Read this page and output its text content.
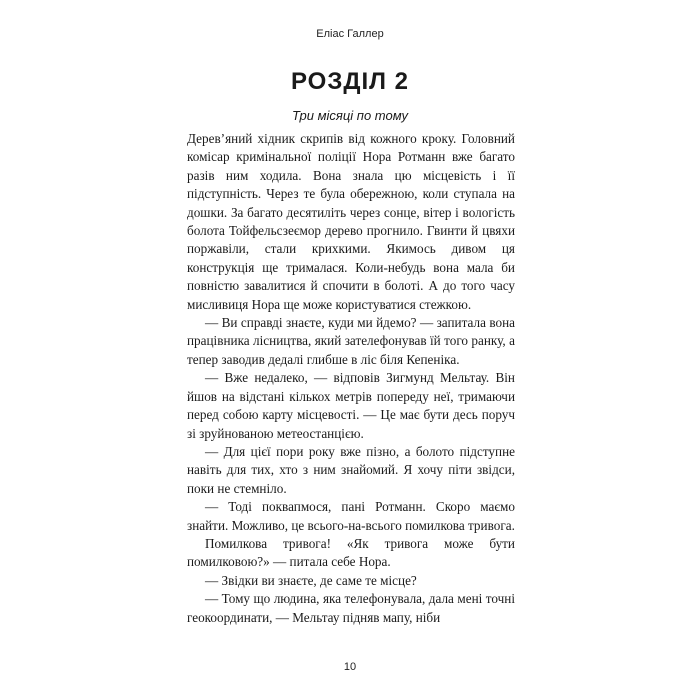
Еліас Галлер
РОЗДІЛ 2
Три місяці по тому

Дерев’яний хідник скрипів від кожного кроку. Головний комісар кримінальної поліції Нора Ротманн вже багато разів ним ходила. Вона знала цю місцевість і її підступність. Через те була обережною, коли ступала на дошки. За багато десятиліть через сонце, вітер і вологість болота Тойфельсзеємор дерево прогнило. Гвинти й цвяхи поржавіли, стали крихкими. Якимось дивом ця конструкція ще трималася. Коли-небудь вона мала би повністю завалитися й спочити в болоті. А до того часу мисливиця Нора ще може користуватися стежкою.

— Ви справді знаєте, куди ми йдемо? — запитала вона працівника лісництва, який зателефонував їй того ранку, а тепер заводив дедалі глибше в ліс біля Кепеніка.

— Вже недалеко, — відповів Зигмунд Мельтау. Він йшов на відстані кількох метрів попереду неї, тримаючи перед собою карту місцевості. — Це має бути десь поруч зі зруйнованою метеостанцією.

— Для цієї пори року вже пізно, а болото підступне навіть для тих, хто з ним знайомий. Я хочу піти звідси, поки не стемніло.

— Тоді поквапмося, пані Ротманн. Скоро маємо знайти. Можливо, це всього-на-всього помилкова тривога.

Помилкова тривога! «Як тривога може бути помилковою?» — питала себе Нора.

— Звідки ви знаєте, де саме те місце?

— Тому що людина, яка телефонувала, дала мені точні геокоординати, — Мельтау підняв мапу, ніби

10
